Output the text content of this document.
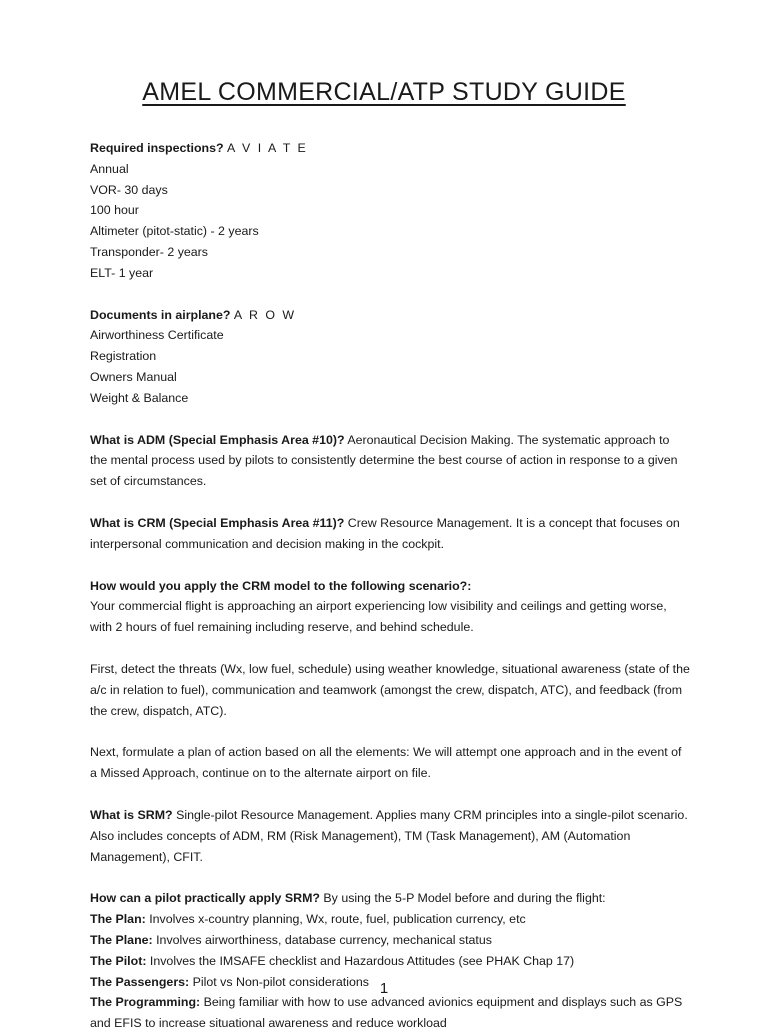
AMEL COMMERCIAL/ATP STUDY GUIDE

Required inspections? A V I A T E

Annual

VOR- 30 days

100 hour

Altimeter (pitot-static) - 2 years

Transponder- 2 years

ELT- 1 year

Documents in airplane? A R O W

Airworthiness Certificate

Registration

Owners Manual

Weight & Balance

What is ADM (Special Emphasis Area #10)? Aeronautical Decision Making. The systematic approach to the mental process used by pilots to consistently determine the best course of action in response to a given set of circumstances.

What is CRM (Special Emphasis Area #11)? Crew Resource Management. It is a concept that focuses on interpersonal communication and decision making in the cockpit.

How would you apply the CRM model to the following scenario?:

Your commercial flight is approaching an airport experiencing low visibility and ceilings and getting worse, with 2 hours of fuel remaining including reserve, and behind schedule.

First, detect the threats (Wx, low fuel, schedule) using weather knowledge, situational awareness (state of the a/c in relation to fuel), communication and teamwork (amongst the crew, dispatch, ATC), and feedback (from the crew, dispatch, ATC).

Next, formulate a plan of action based on all the elements: We will attempt one approach and in the event of a Missed Approach, continue on to the alternate airport on file.

What is SRM? Single-pilot Resource Management. Applies many CRM principles into a single-pilot scenario. Also includes concepts of ADM, RM (Risk Management), TM (Task Management), AM (Automation Management), CFIT.

How can a pilot practically apply SRM? By using the 5-P Model before and during the flight:

The Plan: Involves x-country planning, Wx, route, fuel, publication currency, etc

The Plane: Involves airworthiness, database currency, mechanical status

The Pilot: Involves the IMSAFE checklist and Hazardous Attitudes (see PHAK Chap 17)

The Passengers: Pilot vs Non-pilot considerations

The Programming: Being familiar with how to use advanced avionics equipment and displays such as GPS and EFIS to increase situational awareness and reduce workload

1
